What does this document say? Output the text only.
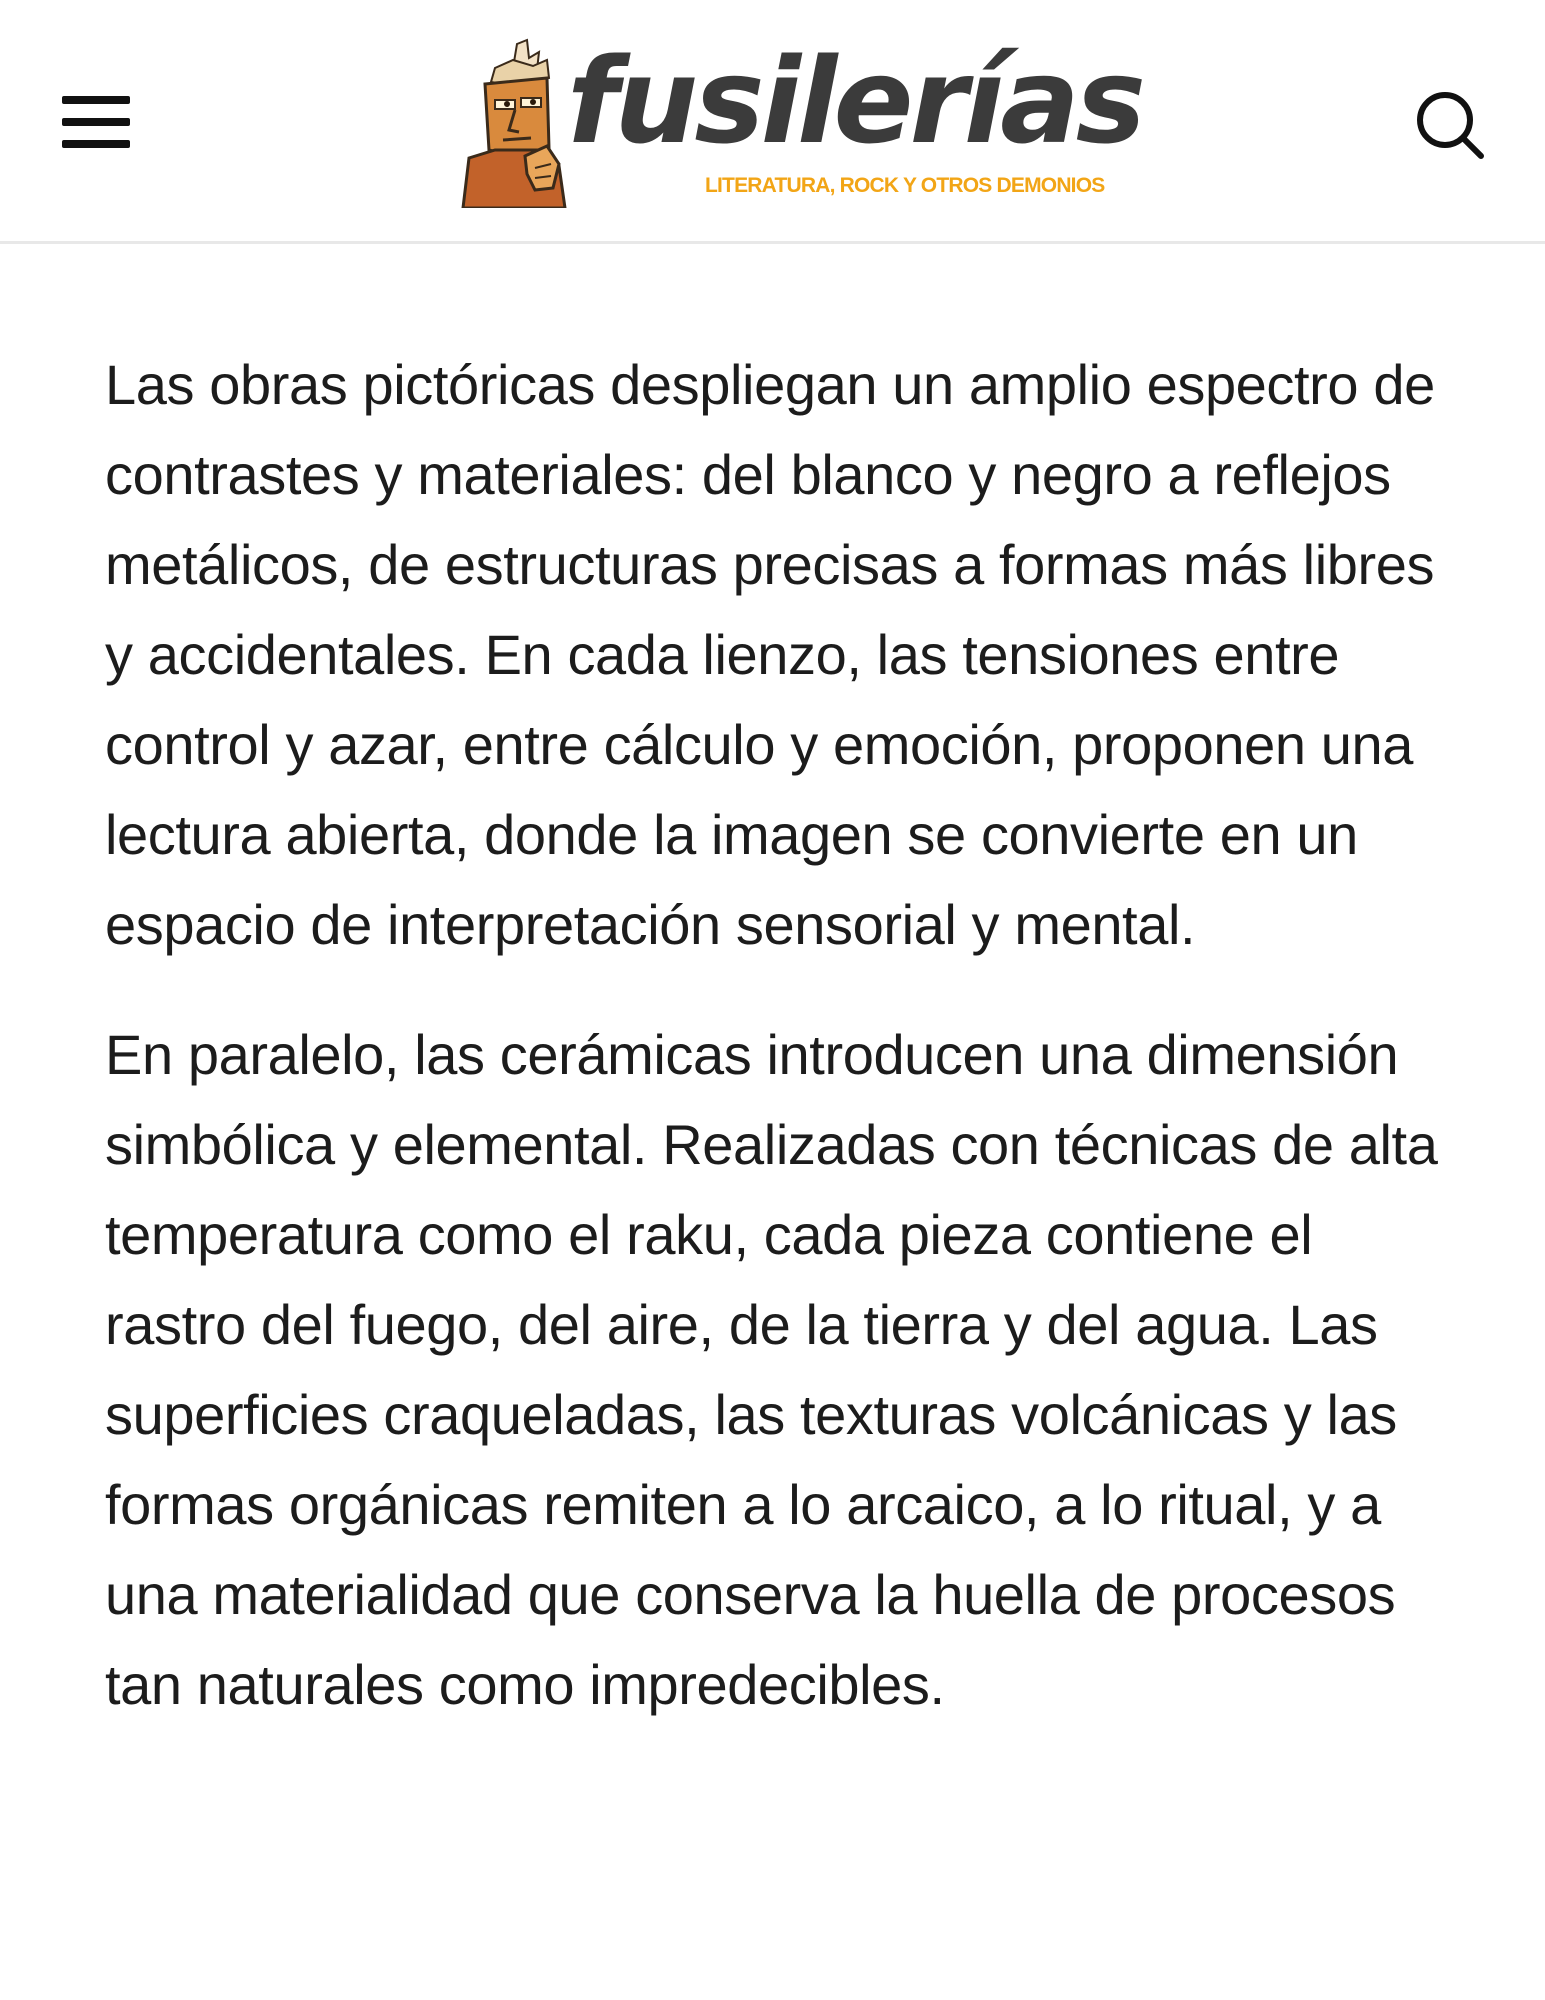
fusilerías
LITERATURA, ROCK Y OTROS DEMONIOS

Las obras pictóricas despliegan un amplio espectro de contrastes y materiales: del blanco y negro a reflejos metálicos, de estructuras precisas a formas más libres y accidentales. En cada lienzo, las tensiones entre control y azar, entre cálculo y emoción, proponen una lectura abierta, donde la imagen se convierte en un espacio de interpretación sensorial y mental.

En paralelo, las cerámicas introducen una dimensión simbólica y elemental. Realizadas con técnicas de alta temperatura como el raku, cada pieza contiene el rastro del fuego, del aire, de la tierra y del agua. Las superficies craqueladas, las texturas volcánicas y las formas orgánicas remiten a lo arcaico, a lo ritual, y a una materialidad que conserva la huella de procesos tan naturales como impredecibles.
